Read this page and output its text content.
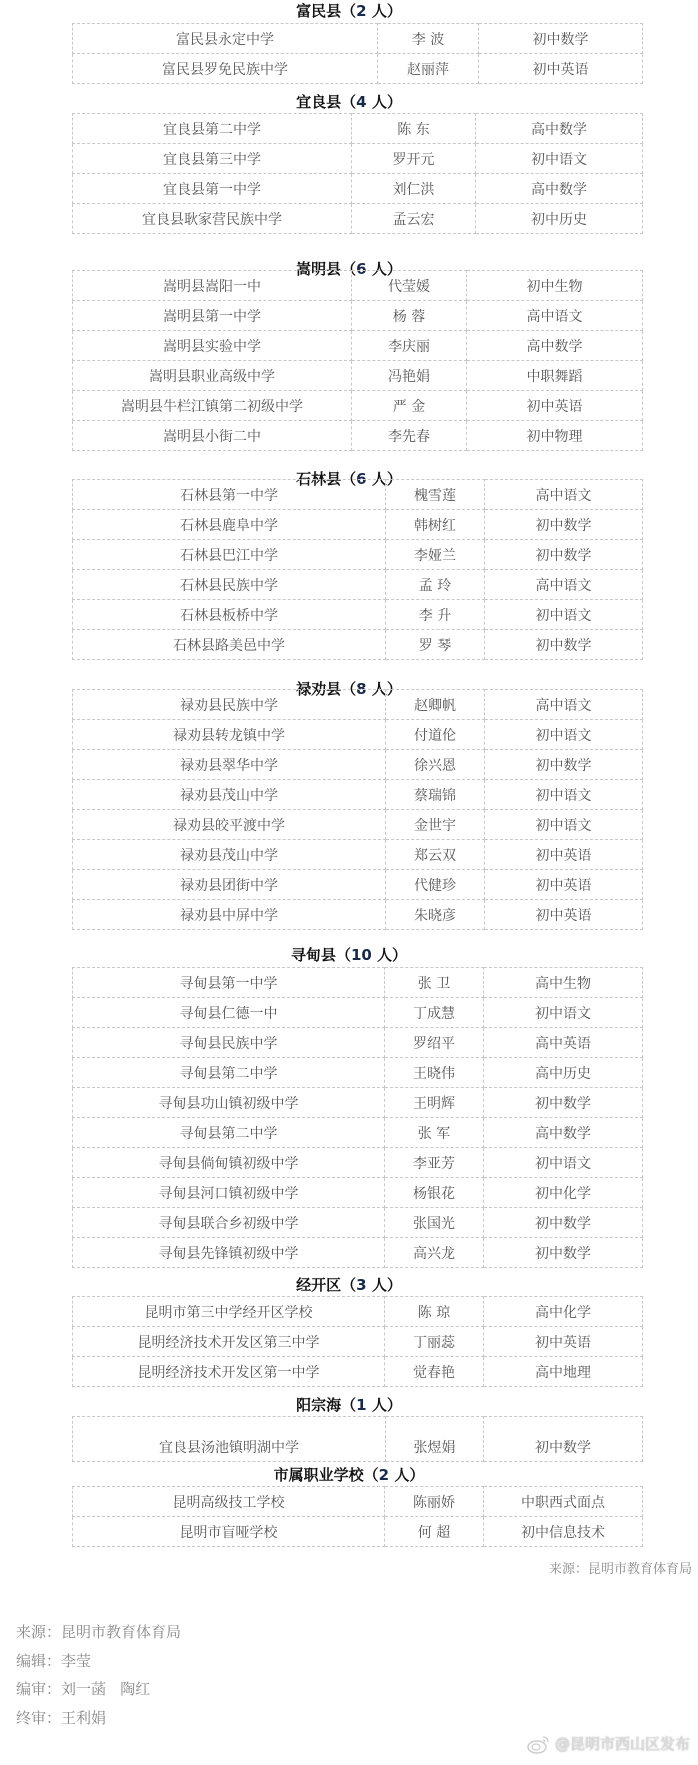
富民县（2 人）
富民县永定中学	李 波	初中数学
富民县罗免民族中学	赵丽萍	初中英语
宜良县（4 人）
宜良县第二中学	陈 东	高中数学
宜良县第三中学	罗开元	初中语文
宜良县第一中学	刘仁洪	高中数学
宜良县耿家营民族中学	孟云宏	初中历史
嵩明县（6 人）
嵩明县嵩阳一中	代莹媛	初中生物
嵩明县第一中学	杨 蓉	高中语文
嵩明县实验中学	李庆丽	高中数学
嵩明县职业高级中学	冯艳娟	中职舞蹈
嵩明县牛栏江镇第二初级中学	严 金	初中英语
嵩明县小街二中	李先春	初中物理
石林县（6 人）
石林县第一中学	槐雪莲	高中语文
石林县鹿阜中学	韩树红	初中数学
石林县巴江中学	李娅兰	初中数学
石林县民族中学	孟 玲	高中语文
石林县板桥中学	李 升	初中语文
石林县路美邑中学	罗 琴	初中数学
禄劝县（8 人）
禄劝县民族中学	赵卿帆	高中语文
禄劝县转龙镇中学	付道伦	初中语文
禄劝县翠华中学	徐兴恩	初中数学
禄劝县茂山中学	蔡瑞锦	初中语文
禄劝县皎平渡中学	金世宇	初中语文
禄劝县茂山中学	郑云双	初中英语
禄劝县团街中学	代健珍	初中英语
禄劝县中屏中学	朱晓彦	初中英语
寻甸县（10 人）
寻甸县第一中学	张 卫	高中生物
寻甸县仁德一中	丁成慧	初中语文
寻甸县民族中学	罗绍平	高中英语
寻甸县第二中学	王晓伟	高中历史
寻甸县功山镇初级中学	王明辉	初中数学
寻甸县第二中学	张 军	高中数学
寻甸县倘甸镇初级中学	李亚芳	初中语文
寻甸县河口镇初级中学	杨银花	初中化学
寻甸县联合乡初级中学	张国光	初中数学
寻甸县先锋镇初级中学	高兴龙	初中数学
经开区（3 人）
昆明市第三中学经开区学校	陈 琼	高中化学
昆明经济技术开发区第三中学	丁丽蕊	初中英语
昆明经济技术开发区第一中学	觉春艳	高中地理
阳宗海（1 人）
宜良县汤池镇明湖中学	张煜娟	初中数学
市属职业学校（2 人）
昆明高级技工学校	陈丽娇	中职西式面点
昆明市盲哑学校	何 超	初中信息技术
来源：昆明市教育体育局
来源：昆明市教育体育局
编辑：李莹
编审：刘一菡   陶红
终审：王利娟
@昆明市西山区发布
